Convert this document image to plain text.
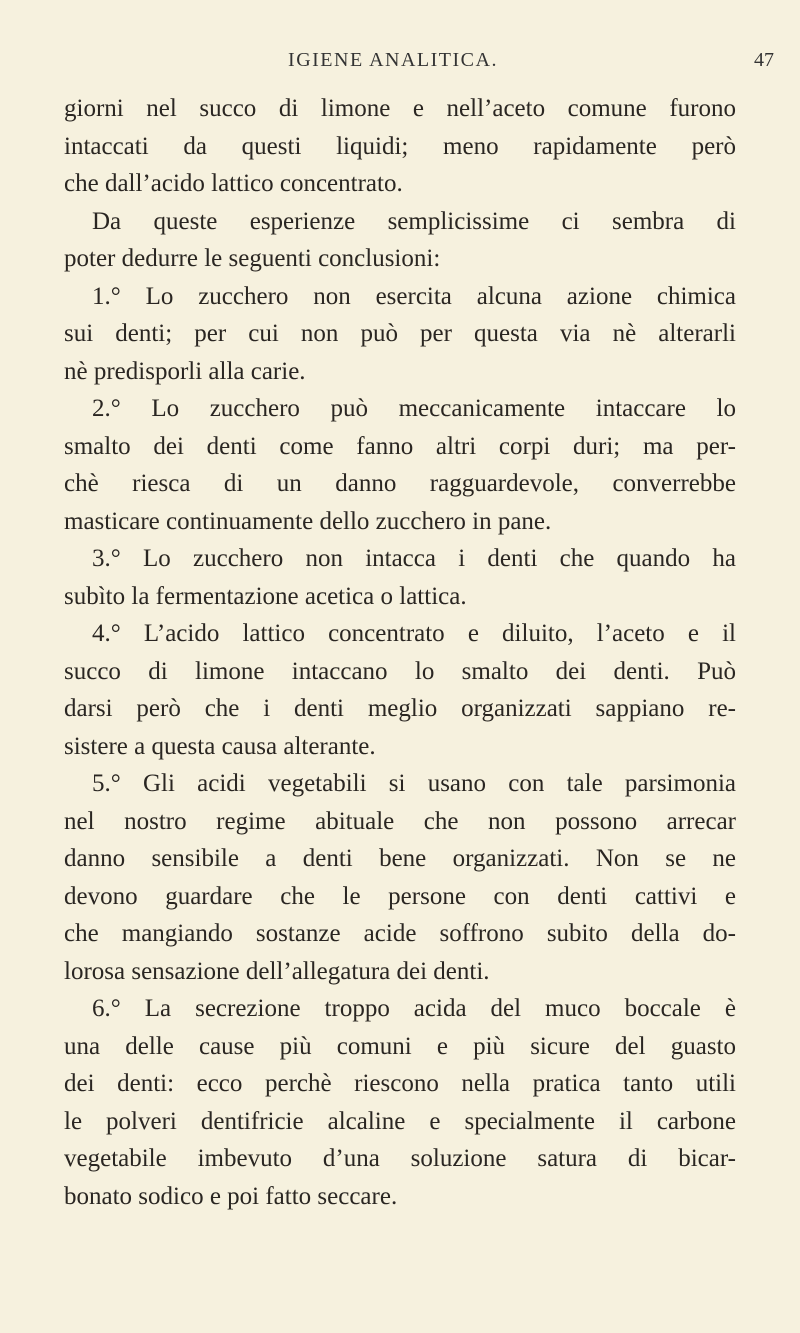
IGIENE ANALITICA.	47
giorni nel succo di limone e nell’aceto comune furono
intaccati da questi liquidi; meno rapidamente però
che dall’acido lattico concentrato.
Da queste esperienze semplicissime ci sembra di
poter dedurre le seguenti conclusioni:
1.° Lo zucchero non esercita alcuna azione chimica
sui denti; per cui non può per questa via nè alterarli
nè predisporli alla carie.
2.° Lo zucchero può meccanicamente intaccare lo
smalto dei denti come fanno altri corpi duri; ma per-
chè riesca di un danno ragguardevole, converrebbe
masticare continuamente dello zucchero in pane.
3.° Lo zucchero non intacca i denti che quando ha
subìto la fermentazione acetica o lattica.
4.° L’acido lattico concentrato e diluito, l’aceto e il
succo di limone intaccano lo smalto dei denti. Può
darsi però che i denti meglio organizzati sappiano re-
sistere a questa causa alterante.
5.° Gli acidi vegetabili si usano con tale parsimonia
nel nostro regime abituale che non possono arrecar
danno sensibile a denti bene organizzati. Non se ne
devono guardare che le persone con denti cattivi e
che mangiando sostanze acide soffrono subito della do-
lorosa sensazione dell’allegatura dei denti.
6.° La secrezione troppo acida del muco boccale è
una delle cause più comuni e più sicure del guasto
dei denti: ecco perchè riescono nella pratica tanto utili
le polveri dentifricie alcaline e specialmente il carbone
vegetabile imbevuto d’una soluzione satura di bicar-
bonato sodico e poi fatto seccare.
